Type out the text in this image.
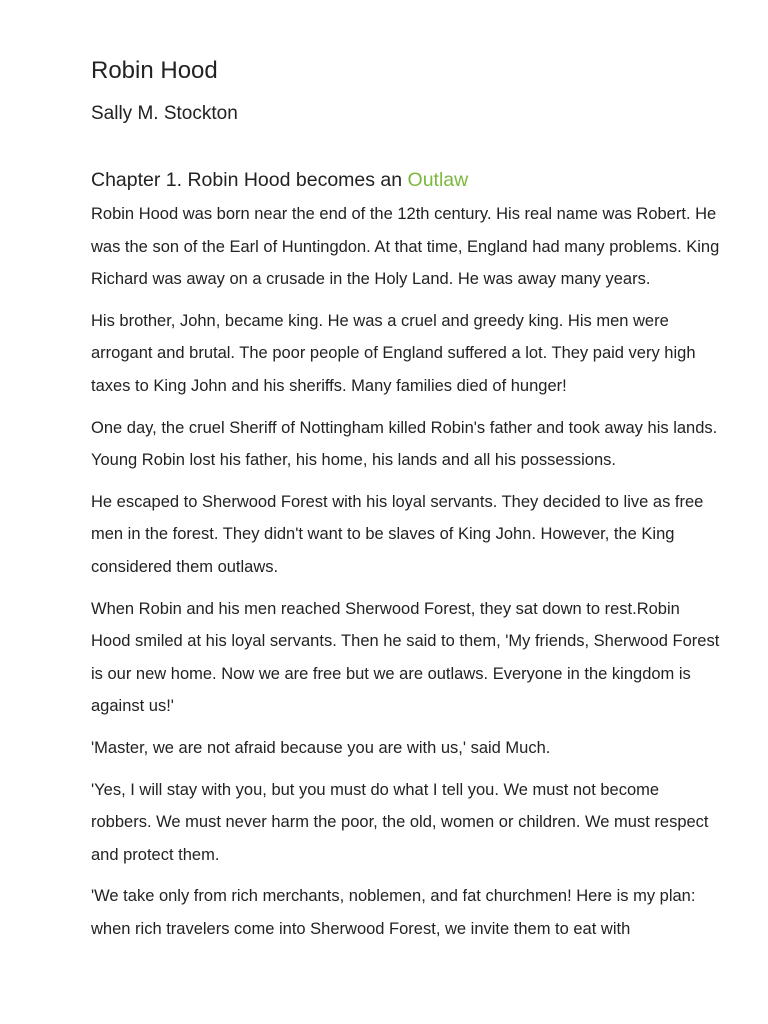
Robin Hood
Sally M. Stockton
Chapter 1. Robin Hood becomes an Outlaw

Robin Hood was born near the end of the 12th century. His real name was Robert. He was the son of the Earl of Huntingdon. At that time, England had many problems. King Richard was away on a crusade in the Holy Land. He was away many years.

His brother, John, became king. He was a cruel and greedy king. His men were arrogant and brutal. The poor people of England suffered a lot. They paid very high taxes to King John and his sheriffs. Many families died of hunger!

One day, the cruel Sheriff of Nottingham killed Robin's father and took away his lands. Young Robin lost his father, his home, his lands and all his possessions.

He escaped to Sherwood Forest with his loyal servants. They decided to live as free men in the forest. They didn't want to be slaves of King John. However, the King considered them outlaws.

When Robin and his men reached Sherwood Forest, they sat down to rest.Robin Hood smiled at his loyal servants. Then he said to them, 'My friends, Sherwood Forest is our new home. Now we are free but we are outlaws. Everyone in the kingdom is against us!'

'Master, we are not afraid because you are with us,' said Much.

'Yes, I will stay with you, but you must do what I tell you. We must not become robbers. We must never harm the poor, the old, women or children. We must respect and protect them.

'We take only from rich merchants, noblemen, and fat churchmen! Here is my plan: when rich travelers come into Sherwood Forest, we invite them to eat with
